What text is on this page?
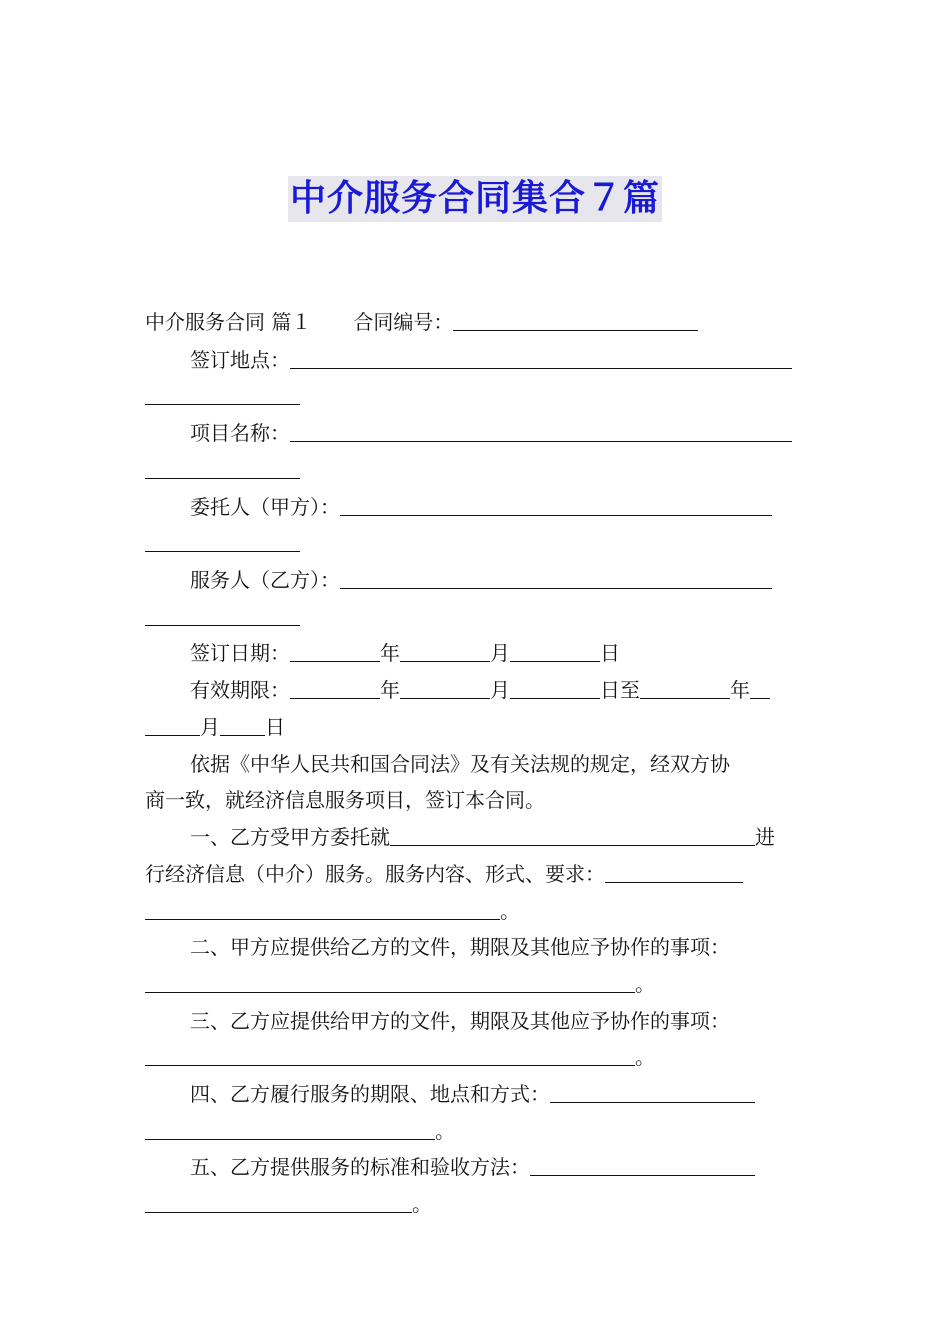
中介服务合同集合７篇
中介服务合同 篇１ 合同编号：
签订地点：
项目名称：
委托人（甲方）：
服务人（乙方）：
签订日期：	年	月	日
有效期限：	年	月	日至	年
月 日
依据《中华人民共和国合同法》及有关法规的规定，经双方协
商一致，就经济信息服务项目，签订本合同。
一、乙方受甲方委托就	进
行经济信息（中介）服务。服务内容、形式、要求：
。
二、甲方应提供给乙方的文件，期限及其他应予协作的事项：
。
三、乙方应提供给甲方的文件，期限及其他应予协作的事项：
。
四、乙方履行服务的期限、地点和方式：
。
五、乙方提供服务的标准和验收方法：
。
